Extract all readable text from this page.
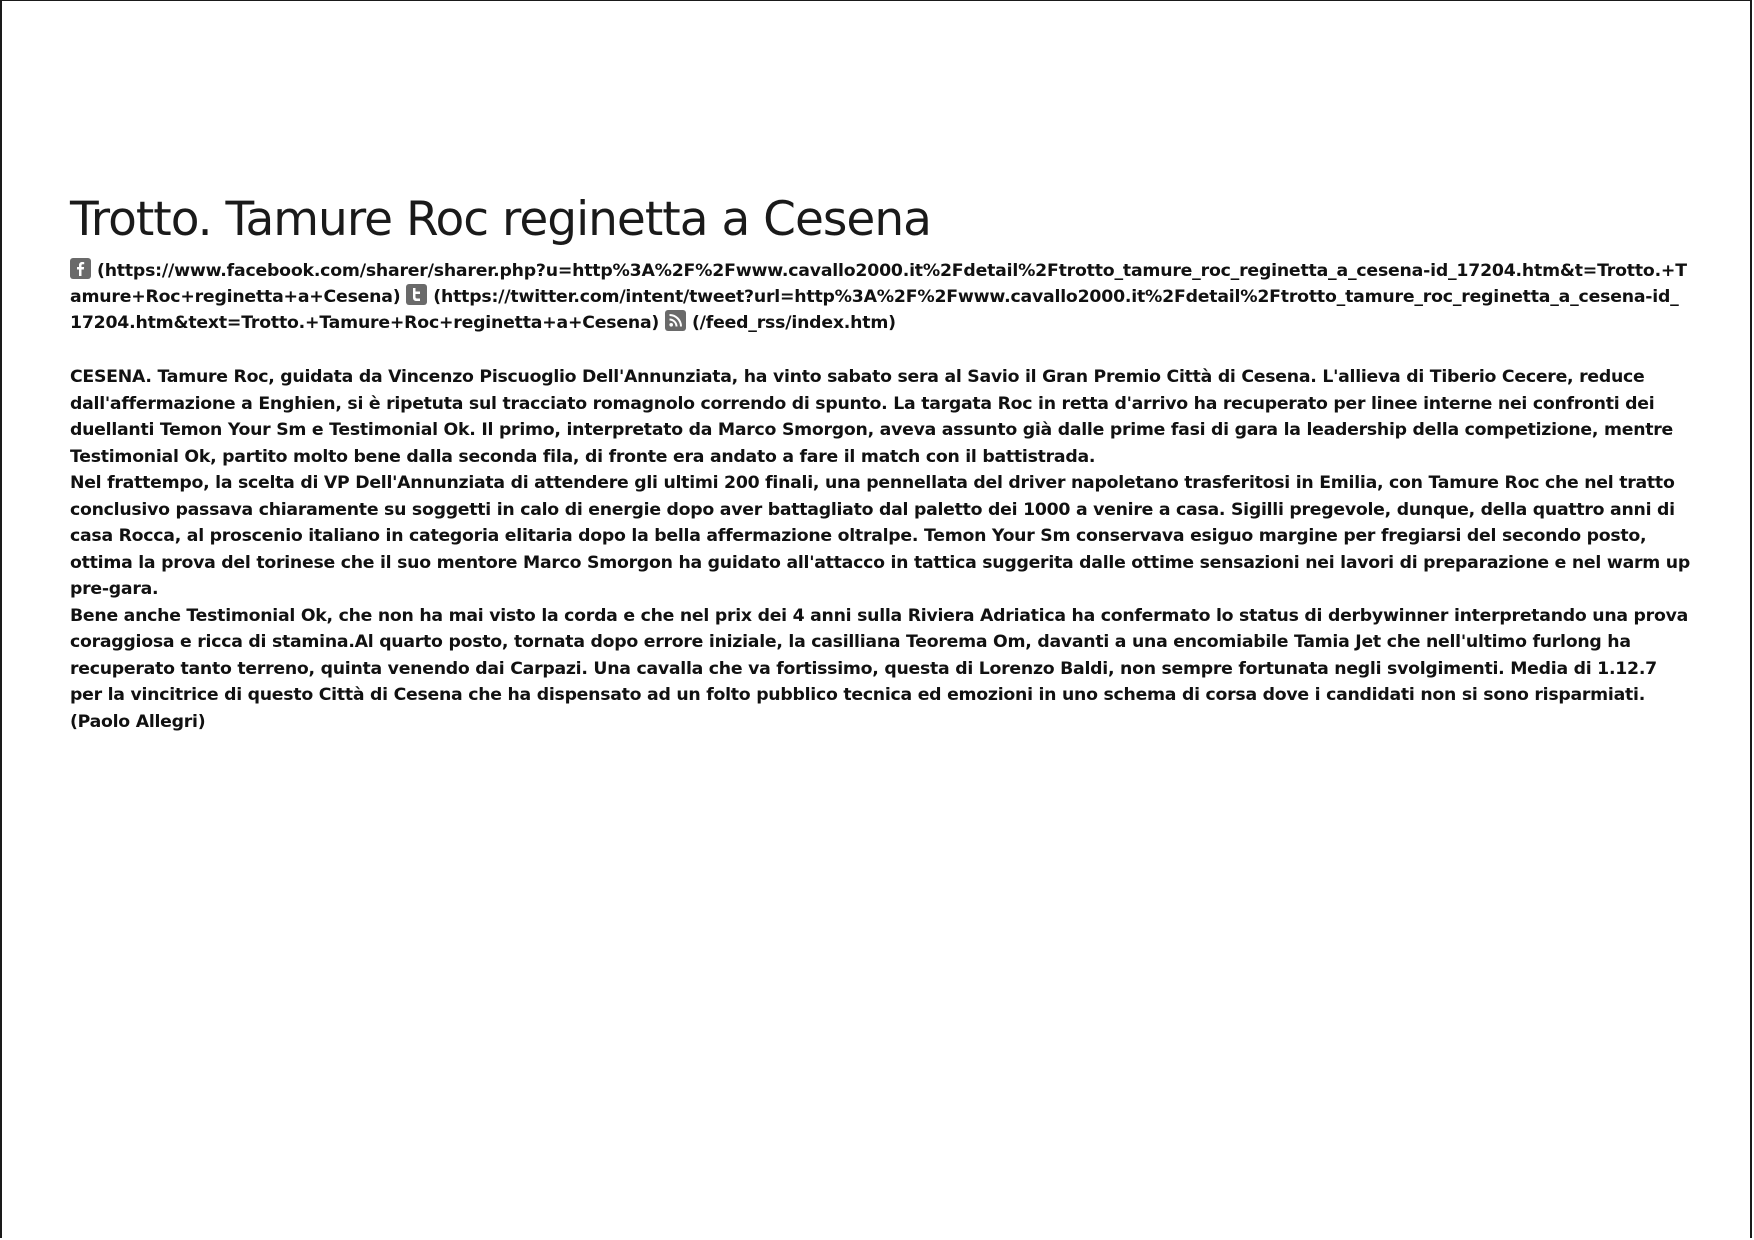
Trotto. Tamure Roc reginetta a Cesena
(https://www.facebook.com/sharer/sharer.php?u=http%3A%2F%2Fwww.cavallo2000.it%2Fdetail%2Ftrotto_tamure_roc_reginetta_a_cesena-id_17204.htm&t=Trotto.+Tamure+Roc+reginetta+a+Cesena) (https://twitter.com/intent/tweet?url=http%3A%2F%2Fwww.cavallo2000.it%2Fdetail%2Ftrotto_tamure_roc_reginetta_a_cesena-id_17204.htm&text=Trotto.+Tamure+Roc+reginetta+a+Cesena) (/feed_rss/index.htm)

CESENA. Tamure Roc, guidata da Vincenzo Piscuoglio Dell'Annunziata, ha vinto sabato sera al Savio il Gran Premio Città di Cesena. L'allieva di Tiberio Cecere, reduce dall'affermazione a Enghien, si è ripetuta sul tracciato romagnolo correndo di spunto. La targata Roc in retta d'arrivo ha recuperato per linee interne nei confronti dei duellanti Temon Your Sm e Testimonial Ok. Il primo, interpretato da Marco Smorgon, aveva assunto già dalle prime fasi di gara la leadership della competizione, mentre Testimonial Ok, partito molto bene dalla seconda fila, di fronte era andato a fare il match con il battistrada.

Nel frattempo, la scelta di VP Dell'Annunziata di attendere gli ultimi 200 finali, una pennellata del driver napoletano trasferitosi in Emilia, con Tamure Roc che nel tratto conclusivo passava chiaramente su soggetti in calo di energie dopo aver battagliato dal paletto dei 1000 a venire a casa. Sigilli pregevole, dunque, della quattro anni di casa Rocca, al proscenio italiano in categoria elitaria dopo la bella affermazione oltralpe. Temon Your Sm conservava esiguo margine per fregiarsi del secondo posto, ottima la prova del torinese che il suo mentore Marco Smorgon ha guidato all'attacco in tattica suggerita dalle ottime sensazioni nei lavori di preparazione e nel warm up pre-gara.

Bene anche Testimonial Ok, che non ha mai visto la corda e che nel prix dei 4 anni sulla Riviera Adriatica ha confermato lo status di derbywinner interpretando una prova coraggiosa e ricca di stamina.Al quarto posto, tornata dopo errore iniziale, la casilliana Teorema Om, davanti a una encomiabile Tamia Jet che nell'ultimo furlong ha recuperato tanto terreno, quinta venendo dai Carpazi. Una cavalla che va fortissimo, questa di Lorenzo Baldi, non sempre fortunata negli svolgimenti. Media di 1.12.7 per la vincitrice di questo Città di Cesena che ha dispensato ad un folto pubblico tecnica ed emozioni in uno schema di corsa dove i candidati non si sono risparmiati. (Paolo Allegri)
